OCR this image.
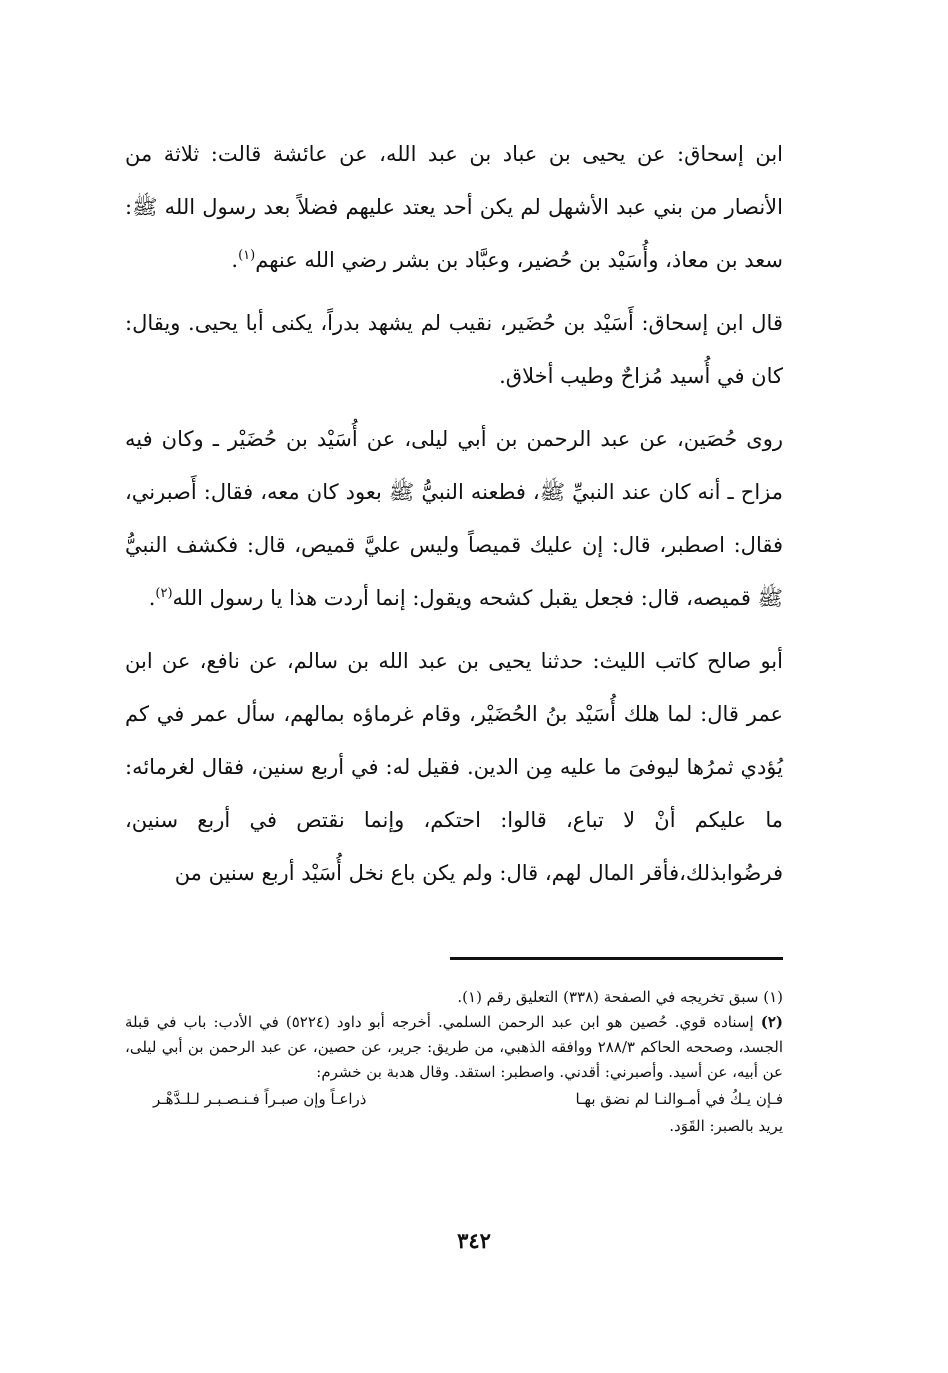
ابن إسحاق: عن يحيى بن عباد بن عبد الله، عن عائشة قالت: ثلاثة من الأنصار من بني عبد الأشهل لم يكن أحد يعتد عليهم فضلاً بعد رسول الله ﷺ: سعد بن معاذ، وأُسَيْد بن حُضير، وعبَّاد بن بشر رضي الله عنهم$^{(١)}$.

قال ابن إسحاق: أَسَيْد بن حُضَير، نقيب لم يشهد بدراً، يكنى أبا يحيى. ويقال: كان في أُسيد مُزاحٌ وطيب أخلاق.

روى حُصَين، عن عبد الرحمن بن أبي ليلى، عن أُسَيْد بن حُضَيْر ـ وكان فيه مزاح ـ أنه كان عند النبيِّ ﷺ، فطعنه النبيُّ ﷺ بعود كان معه، فقال: أَصبرني، فقال: اصطبر، قال: إن عليك قميصاً وليس عليَّ قميص، قال: فكشف النبيُّ ﷺ قميصه، قال: فجعل يقبل كشحه ويقول: إنما أردت هذا يا رسول الله$^{(٢)}$.

أبو صالح كاتب الليث: حدثنا يحيى بن عبد الله بن سالم، عن نافع، عن ابن عمر قال: لما هلك أُسَيْد بنُ الحُضَيْر، وقام غرماؤه بمالهم، سأل عمر في كم يُؤدي ثمرُها ليوفىَ ما عليه مِن الدين. فقيل له: في أربع سنين، فقال لغرمائه: ما عليكم أنْ لا تباع، قالوا: احتكم، وإنما نقتص في أربع سنين، فرضُوابذلك،فأقر المال لهم، قال: ولم يكن باع نخل أُسَيْد أربع سنين من

(١) سبق تخريجه في الصفحة (٣٣٨) التعليق رقم (١).

(٢) إسناده قوي. حُصين هو ابن عبد الرحمن السلمي. أخرجه أبو داود (٥٢٢٤) في الأدب: باب في قبلة الجسد، وصححه الحاكم ٢٨٨/٣ ووافقه الذهبي، من طريق: جرير، عن حصين، عن عبد الرحمن بن أبي ليلى، عن أبيه، عن أسيد. وأصبرني: أقدني. واصطبر: استقد. وقال هدبة بن خشرم:

فـإن يـكُ في أمـوالنـا لم نضق بهـا
ذراعـاً وإن صبـراً فـنـصـبـر لـلـدَّهْـر

يريد بالصبر: القَوَد.

٣٤٢
